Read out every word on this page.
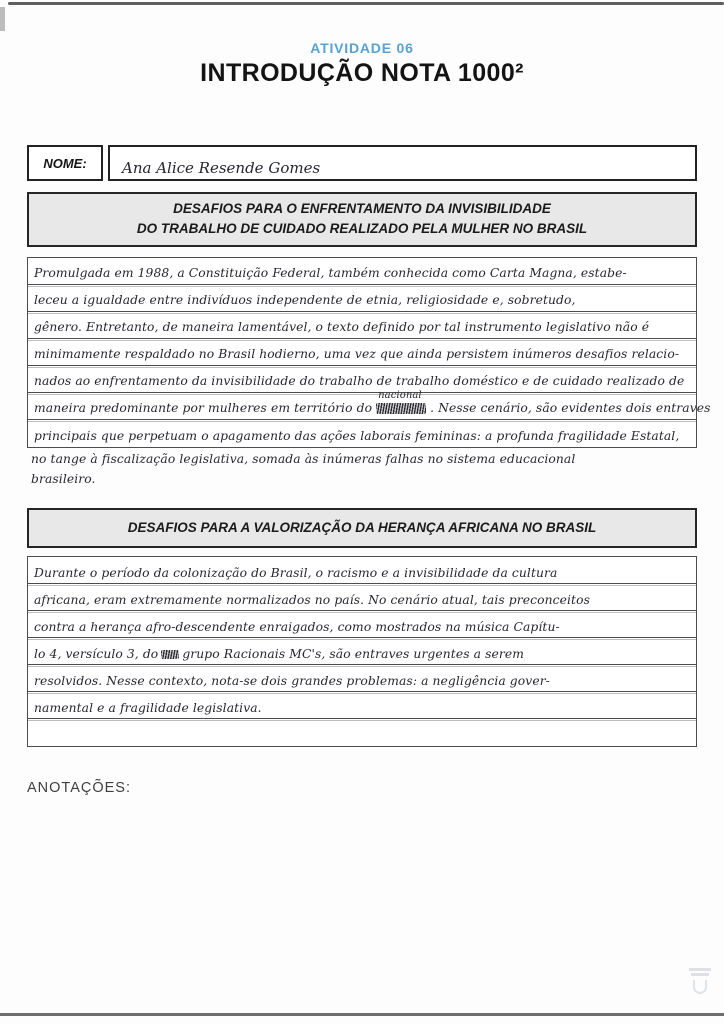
ATIVIDADE 06
INTRODUÇÃO NOTA 1000²
NOME:	Ana Alice Resende Gomes
DESAFIOS PARA O ENFRENTAMENTO DA INVISIBILIDADE
DO TRABALHO DE CUIDADO REALIZADO PELA MULHER NO BRASIL
Promulgada em 1988, a Constituição Federal, também conhecida como Carta Magna, estabe-
leceu a igualdade entre indivíduos independente de etnia, religiosidade e, sobretudo,
gênero. Entretanto, de maneira lamentável, o texto definido por tal instrumento legislativo não é
minimamente respaldado no Brasil hodierno, uma vez que ainda persistem inúmeros desafios relacio-
nados ao enfrentamento da invisibilidade do trabalho de trabalho doméstico e de cuidado realizado de
maneira predominante por mulheres em território do
nacional
. Nesse cenário, são evidentes dois entraves
principais que perpetuam o apagamento das ações laborais femininas: a profunda fragilidade Estatal,
no tange à fiscalização legislativa, somada às inúmeras falhas no sistema educacional
brasileiro.
DESAFIOS PARA A VALORIZAÇÃO DA HERANÇA AFRICANA NO BRASIL
Durante o período da colonização do Brasil, o racismo e a invisibilidade da cultura
africana, eram extremamente normalizados no país. No cenário atual, tais preconceitos
contra a herança afro-descendente enraigados, como mostrados na música Capítu-
lo 4, versículo 3, do grupo Racionais MC's, são entraves urgentes a serem
resolvidos. Nesse contexto, nota-se dois grandes problemas: a negligência gover-
namental e a fragilidade legislativa.
ANOTAÇÕES:
